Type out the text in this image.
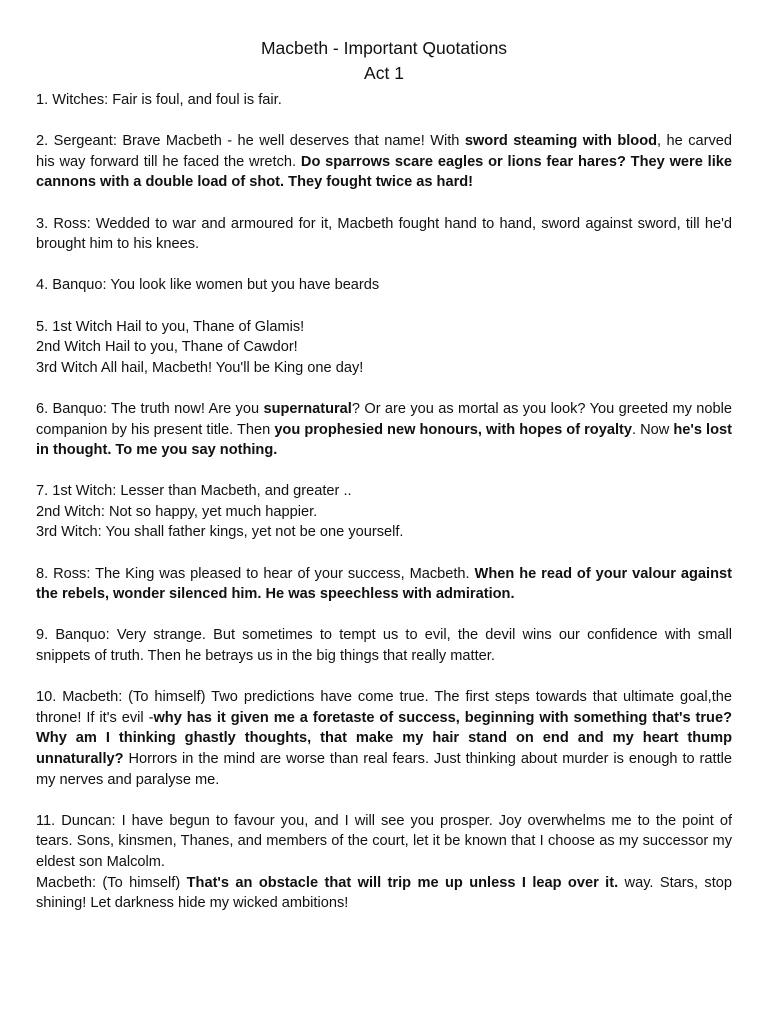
Macbeth - Important Quotations
Act 1

1. Witches: Fair is foul, and foul is fair.

2. Sergeant: Brave Macbeth - he well deserves that name! With sword steaming with blood, he carved his way forward till he faced the wretch. Do sparrows scare eagles or lions fear hares? They were like cannons with a double load of shot. They fought twice as hard!

3. Ross: Wedded to war and armoured for it, Macbeth fought hand to hand, sword against sword, till he'd brought him to his knees.

4. Banquo: You look like women but you have beards

5. 1st Witch Hail to you, Thane of Glamis!

2nd Witch Hail to you, Thane of Cawdor!

3rd Witch All hail, Macbeth! You'll be King one day!

6. Banquo: The truth now! Are you supernatural? Or are you as mortal as you look? You greeted my noble companion by his present title. Then you prophesied new honours, with hopes of royalty. Now he's lost in thought. To me you say nothing.

7. 1st Witch: Lesser than Macbeth, and greater ..

2nd Witch: Not so happy, yet much happier.

3rd Witch: You shall father kings, yet not be one yourself.

8. Ross: The King was pleased to hear of your success, Macbeth. When he read of your valour against the rebels, wonder silenced him. He was speechless with admiration.

9. Banquo: Very strange. But sometimes to tempt us to evil, the devil wins our confidence with small snippets of truth. Then he betrays us in the big things that really matter.

10. Macbeth: (To himself) Two predictions have come true. The first steps towards that ultimate goal,the throne! If it's evil -why has it given me a foretaste of success, beginning with something that's true? Why am I thinking ghastly thoughts, that make my hair stand on end and my heart thump unnaturally? Horrors in the mind are worse than real fears. Just thinking about murder is enough to rattle my nerves and paralyse me.

11. Duncan: I have begun to favour you, and I will see you prosper. Joy overwhelms me to the point of tears. Sons, kinsmen, Thanes, and members of the court, let it be known that I choose as my successor my eldest son Malcolm.

Macbeth: (To himself) That's an obstacle that will trip me up unless I leap over it. way. Stars, stop shining! Let darkness hide my wicked ambitions!
